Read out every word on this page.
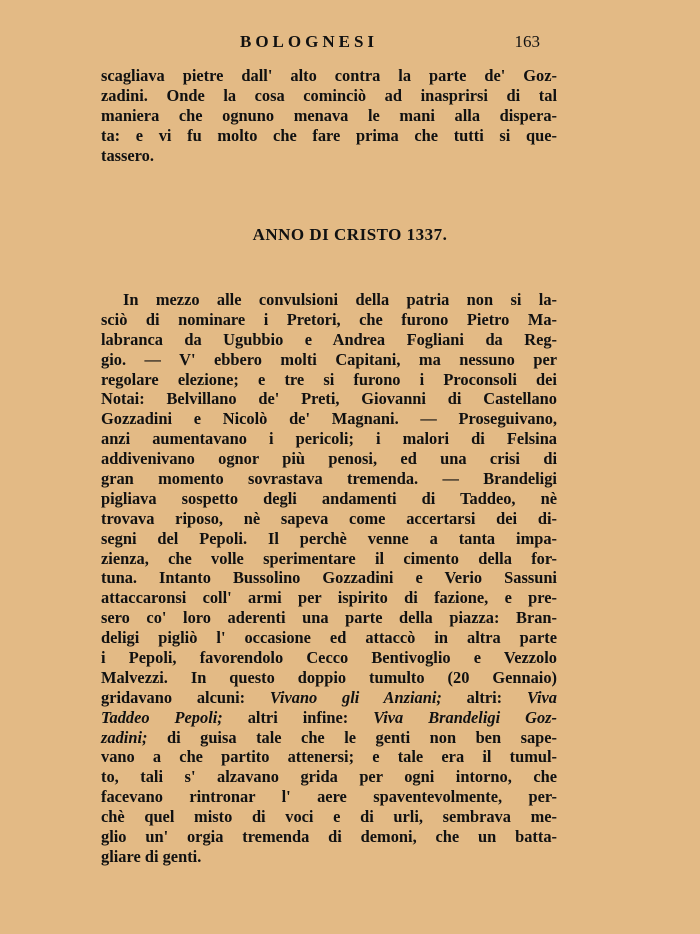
BOLOGNESI	163
scagliava pietre dall' alto contra la parte de' Goz-
zadini. Onde la cosa cominciò ad inasprirsi di tal
maniera che ognuno menava le mani alla dispera-
ta: e vi fu molto che fare prima che tutti si que-
tassero.
ANNO DI CRISTO 1337.
In mezzo alle convulsioni della patria non si la-
sciò di nominare i Pretori, che furono Pietro Ma-
labranca da Ugubbio e Andrea Fogliani da Reg-
gio. — V' ebbero molti Capitani, ma nessuno per
regolare elezione; e tre si furono i Proconsoli dei
Notai: Belvillano de' Preti, Giovanni di Castellano
Gozzadini e Nicolò de' Magnani. — Proseguivano,
anzi aumentavano i pericoli; i malori di Felsina
addivenivano ognor più penosi, ed una crisi di
gran momento sovrastava tremenda. — Brandeligi
pigliava sospetto degli andamenti di Taddeo, nè
trovava riposo, nè sapeva come accertarsi dei di-
segni del Pepoli. Il perchè venne a tanta impa-
zienza, che volle sperimentare il cimento della for-
tuna. Intanto Bussolino Gozzadini e Verio Sassuni
attaccaronsi coll' armi per ispirito di fazione, e pre-
sero co' loro aderenti una parte della piazza: Bran-
deligi pigliò l' occasione ed attaccò in altra parte
i Pepoli, favorendolo Cecco Bentivoglio e Vezzolo
Malvezzi. In questo doppio tumulto (20 Gennaio)
gridavano alcuni: Vivano gli Anziani; altri: Viva
Taddeo Pepoli; altri infine: Viva Brandeligi Goz-
zadini; di guisa tale che le genti non ben sape-
vano a che partito attenersi; e tale era il tumul-
to, tali s' alzavano grida per ogni intorno, che
facevano rintronar l' aere spaventevolmente, per-
chè quel misto di voci e di urli, sembrava me-
glio un' orgia tremenda di demoni, che un batta-
gliare di genti.
